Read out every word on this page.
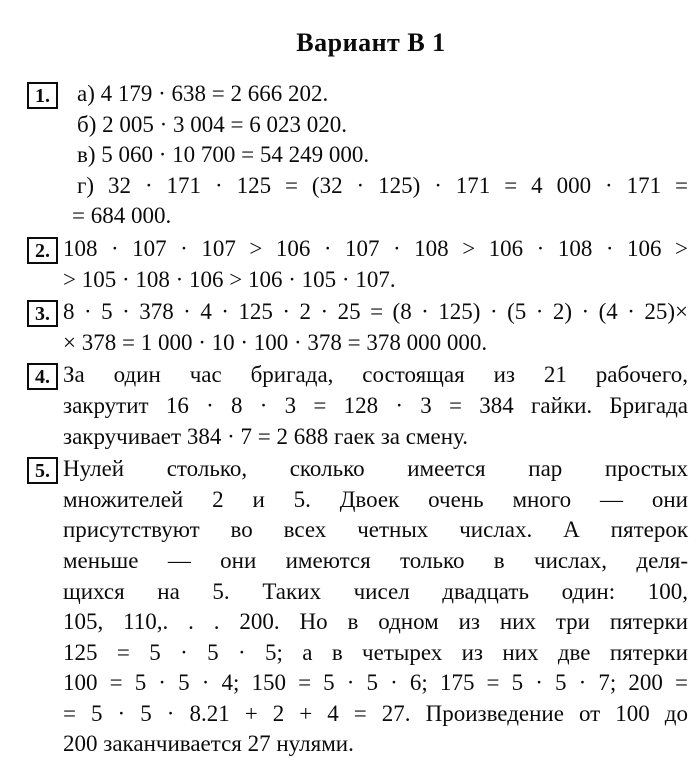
Вариант В 1
1.	а) 4 179 · 638 = 2 666 202.
б) 2 005 · 3 004 = 6 023 020.
в) 5 060 · 10 700 = 54 249 000.
г) 32 · 171 · 125 = (32 · 125) · 171 = 4 000 · 171 =
= 684 000.
2. 108 · 107 · 107 > 106 · 107 · 108 > 106 · 108 · 106 >
> 105 · 108 · 106 > 106 · 105 · 107.
3. 8 · 5 · 378 · 4 · 125 · 2 · 25 = (8 · 125) · (5 · 2) · (4 · 25)×
× 378 = 1 000 · 10 · 100 · 378 = 378 000 000.
4. За один час бригада, состоящая из 21 рабочего,
закрутит 16 · 8 · 3 = 128 · 3 = 384 гайки. Бригада
закручивает 384 · 7 = 2 688 гаек за смену.
5. Нулей столько, сколько имеется пар простых
множителей 2 и 5. Двоек очень много — они
присутствуют во всех четных числах. А пятерок
меньше — они имеются только в числах, деля-
щихся на 5. Таких чисел двадцать один: 100,
105, 110,. . . 200. Но в одном из них три пятерки
125 = 5 · 5 · 5; а в четырех из них две пятерки
100 = 5 · 5 · 4; 150 = 5 · 5 · 6; 175 = 5 · 5 · 7; 200 =
= 5 · 5 · 8.21 + 2 + 4 = 27. Произведение от 100 до
200 заканчивается 27 нулями.
